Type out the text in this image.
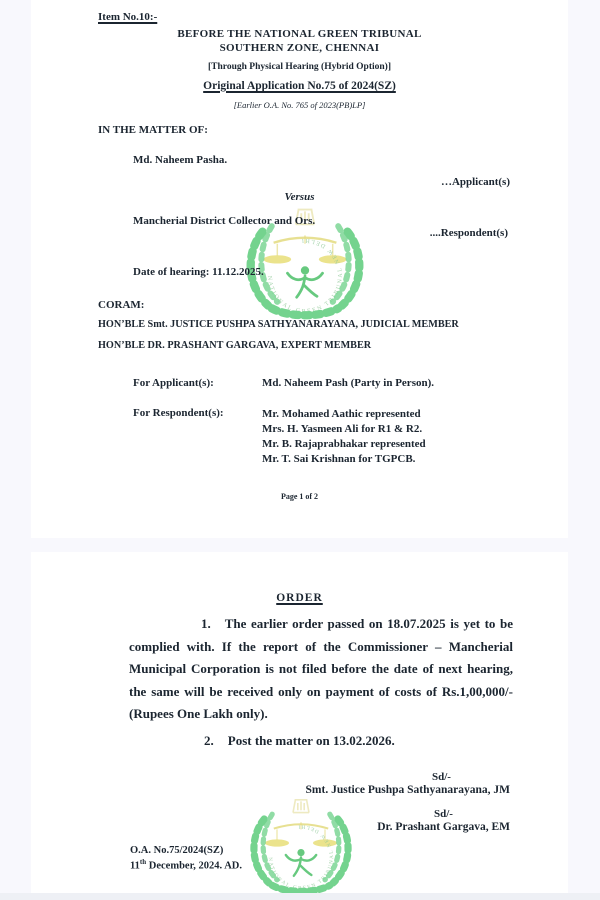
Item No.10:-
BEFORE THE NATIONAL GREEN TRIBUNAL
SOUTHERN ZONE, CHENNAI
[Through Physical Hearing (Hybrid Option)]
Original Application No.75 of 2024(SZ)
[Earlier O.A. No. 765 of 2023(PB)LP]
IN THE MATTER OF:
Md. Naheem Pasha.
…Applicant(s)
Versus
Mancherial District Collector and Ors.
....Respondent(s)
Date of hearing: 11.12.2025.
CORAM:
HON’BLE Smt. JUSTICE PUSHPA SATHYANARAYANA, JUDICIAL MEMBER
HON’BLE DR. PRASHANT GARGAVA, EXPERT MEMBER
For Applicant(s):	Md. Naheem Pash (Party in Person).
For Respondent(s):	Mr. Mohamed Aathic represented
Mrs. H. Yasmeen Ali for R1 & R2.
Mr. B. Rajaprabhakar represented
Mr. T. Sai Krishnan for TGPCB.
Page 1 of 2
ORDER

1. The earlier order passed on 18.07.2025 is yet to be complied with. If the report of the Commissioner – Mancherial Municipal Corporation is not filed before the date of next hearing, the same will be received only on payment of costs of Rs.1,00,000/- (Rupees One Lakh only).

2. Post the matter on 13.02.2026.
Sd/-
Smt. Justice Pushpa Sathyanarayana, JM
Sd/-
Dr. Prashant Gargava, EM
O.A. No.75/2024(SZ)
11th December, 2024. AD.
